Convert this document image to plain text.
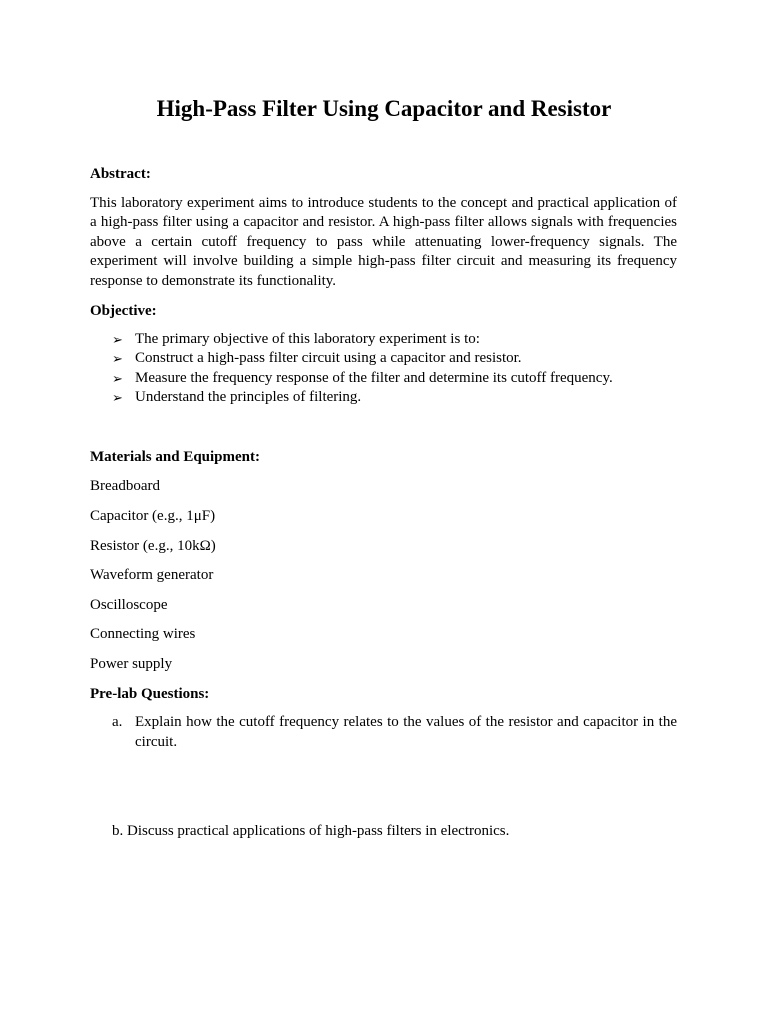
High-Pass Filter Using Capacitor and Resistor
Abstract:
This laboratory experiment aims to introduce students to the concept and practical application of a high-pass filter using a capacitor and resistor. A high-pass filter allows signals with frequencies above a certain cutoff frequency to pass while attenuating lower-frequency signals. The experiment will involve building a simple high-pass filter circuit and measuring its frequency response to demonstrate its functionality.
Objective:
➢ The primary objective of this laboratory experiment is to:
➢ Construct a high-pass filter circuit using a capacitor and resistor.
➢ Measure the frequency response of the filter and determine its cutoff frequency.
➢ Understand the principles of filtering.
Materials and Equipment:
Breadboard
Capacitor (e.g., 1μF)
Resistor (e.g., 10kΩ)
Waveform generator
Oscilloscope
Connecting wires
Power supply
Pre-lab Questions:
a. Explain how the cutoff frequency relates to the values of the resistor and capacitor in the circuit.
b. Discuss practical applications of high-pass filters in electronics.
